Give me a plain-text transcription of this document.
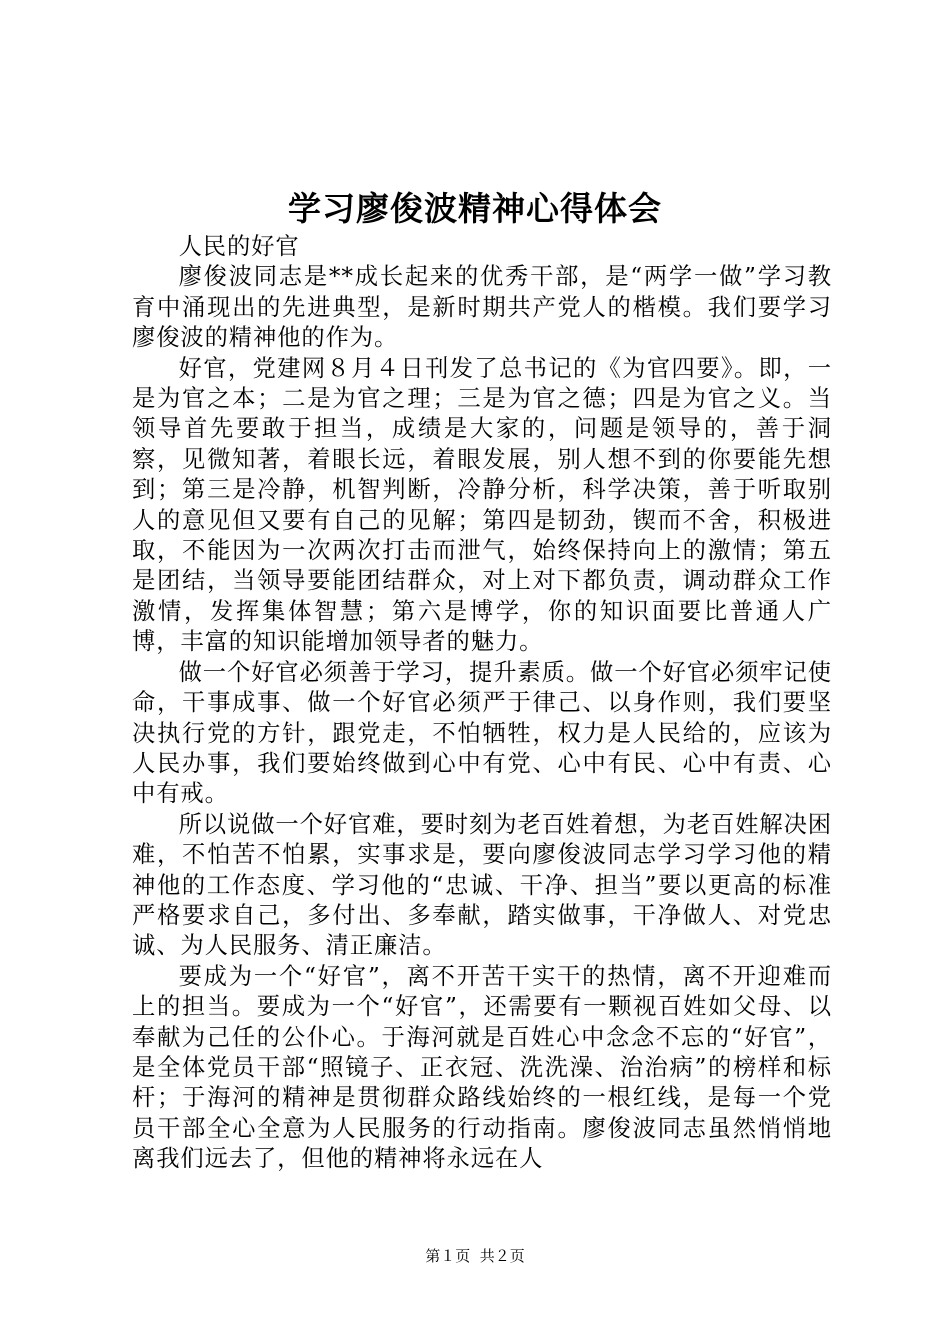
学习廖俊波精神心得体会

人民的好官

廖俊波同志是**成长起来的优秀干部，是“两学一做”学习教育中涌现出的先进典型，是新时期共产党人的楷模。我们要学习廖俊波的精神他的作为。

好官，党建网８月４日刊发了总书记的《为官四要》。即，一是为官之本；二是为官之理；三是为官之德；四是为官之义。当领导首先要敢于担当，成绩是大家的，问题是领导的，善于洞察，见微知著，着眼长远，着眼发展，别人想不到的你要能先想到；第三是冷静，机智判断，冷静分析，科学决策，善于听取别人的意见但又要有自己的见解；第四是韧劲，锲而不舍，积极进取，不能因为一次两次打击而泄气，始终保持向上的激情；第五是团结，当领导要能团结群众，对上对下都负责，调动群众工作激情，发挥集体智慧；第六是博学，你的知识面要比普通人广博，丰富的知识能增加领导者的魅力。

做一个好官必须善于学习，提升素质。做一个好官必须牢记使命，干事成事、做一个好官必须严于律己、以身作则，我们要坚决执行党的方针，跟党走，不怕牺牲，权力是人民给的，应该为人民办事，我们要始终做到心中有党、心中有民、心中有责、心中有戒。

所以说做一个好官难，要时刻为老百姓着想，为老百姓解决困难，不怕苦不怕累，实事求是，要向廖俊波同志学习学习他的精神他的工作态度、学习他的“忠诚、干净、担当”要以更高的标准严格要求自己，多付出、多奉献，踏实做事，干净做人、对党忠诚、为人民服务、清正廉洁。

要成为一个“好官”，离不开苦干实干的热情，离不开迎难而上的担当。要成为一个“好官”，还需要有一颗视百姓如父母、以奉献为己任的公仆心。于海河就是百姓心中念念不忘的“好官”，是全体党员干部“照镜子、正衣冠、洗洗澡、治治病”的榜样和标杆；于海河的精神是贯彻群众路线始终的一根红线，是每一个党员干部全心全意为人民服务的行动指南。廖俊波同志虽然悄悄地离我们远去了，但他的精神将永远在人

第１页  共２页
